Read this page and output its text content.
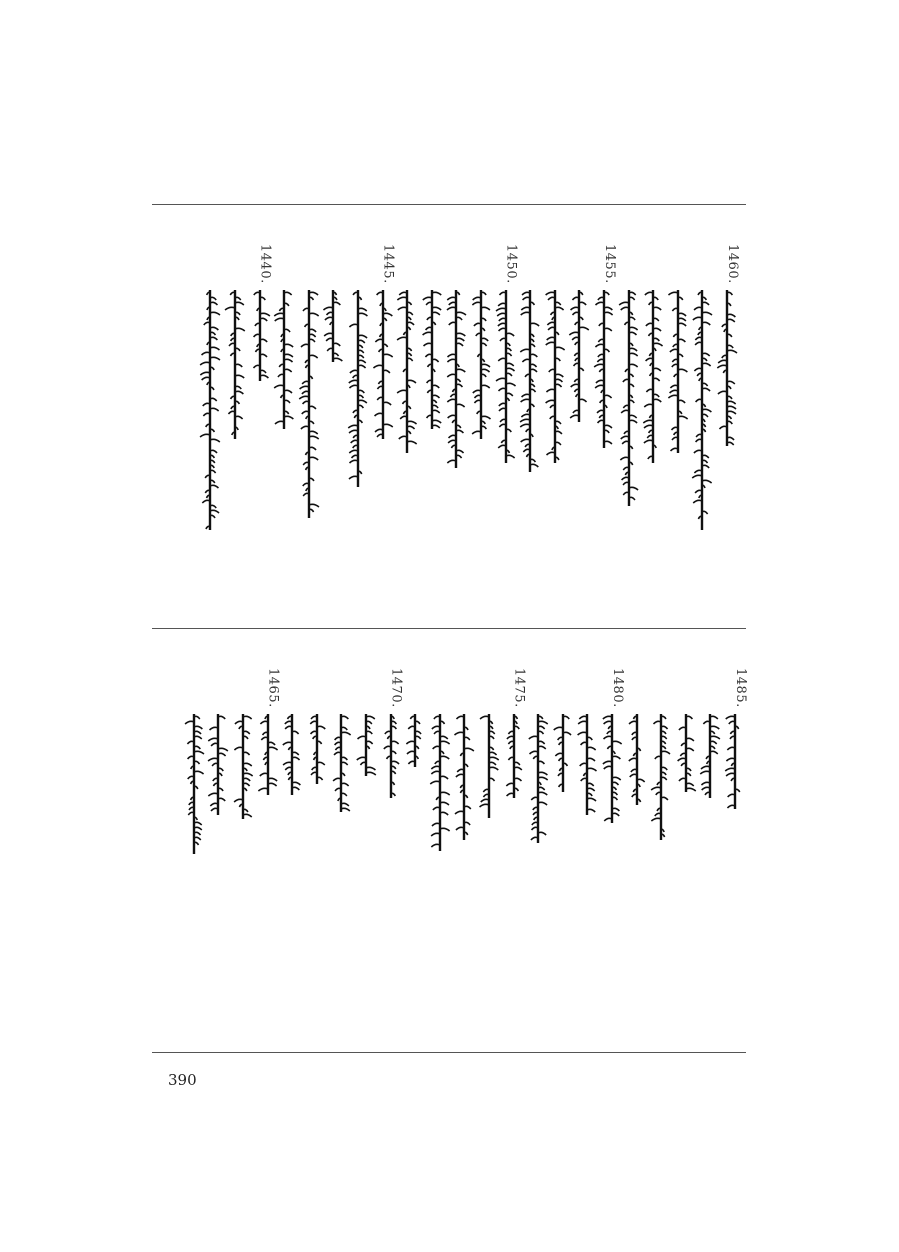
1460.
1455.
1450.
1445.
1440.
1485.
1480.
1475.
1470.
1465.
390
